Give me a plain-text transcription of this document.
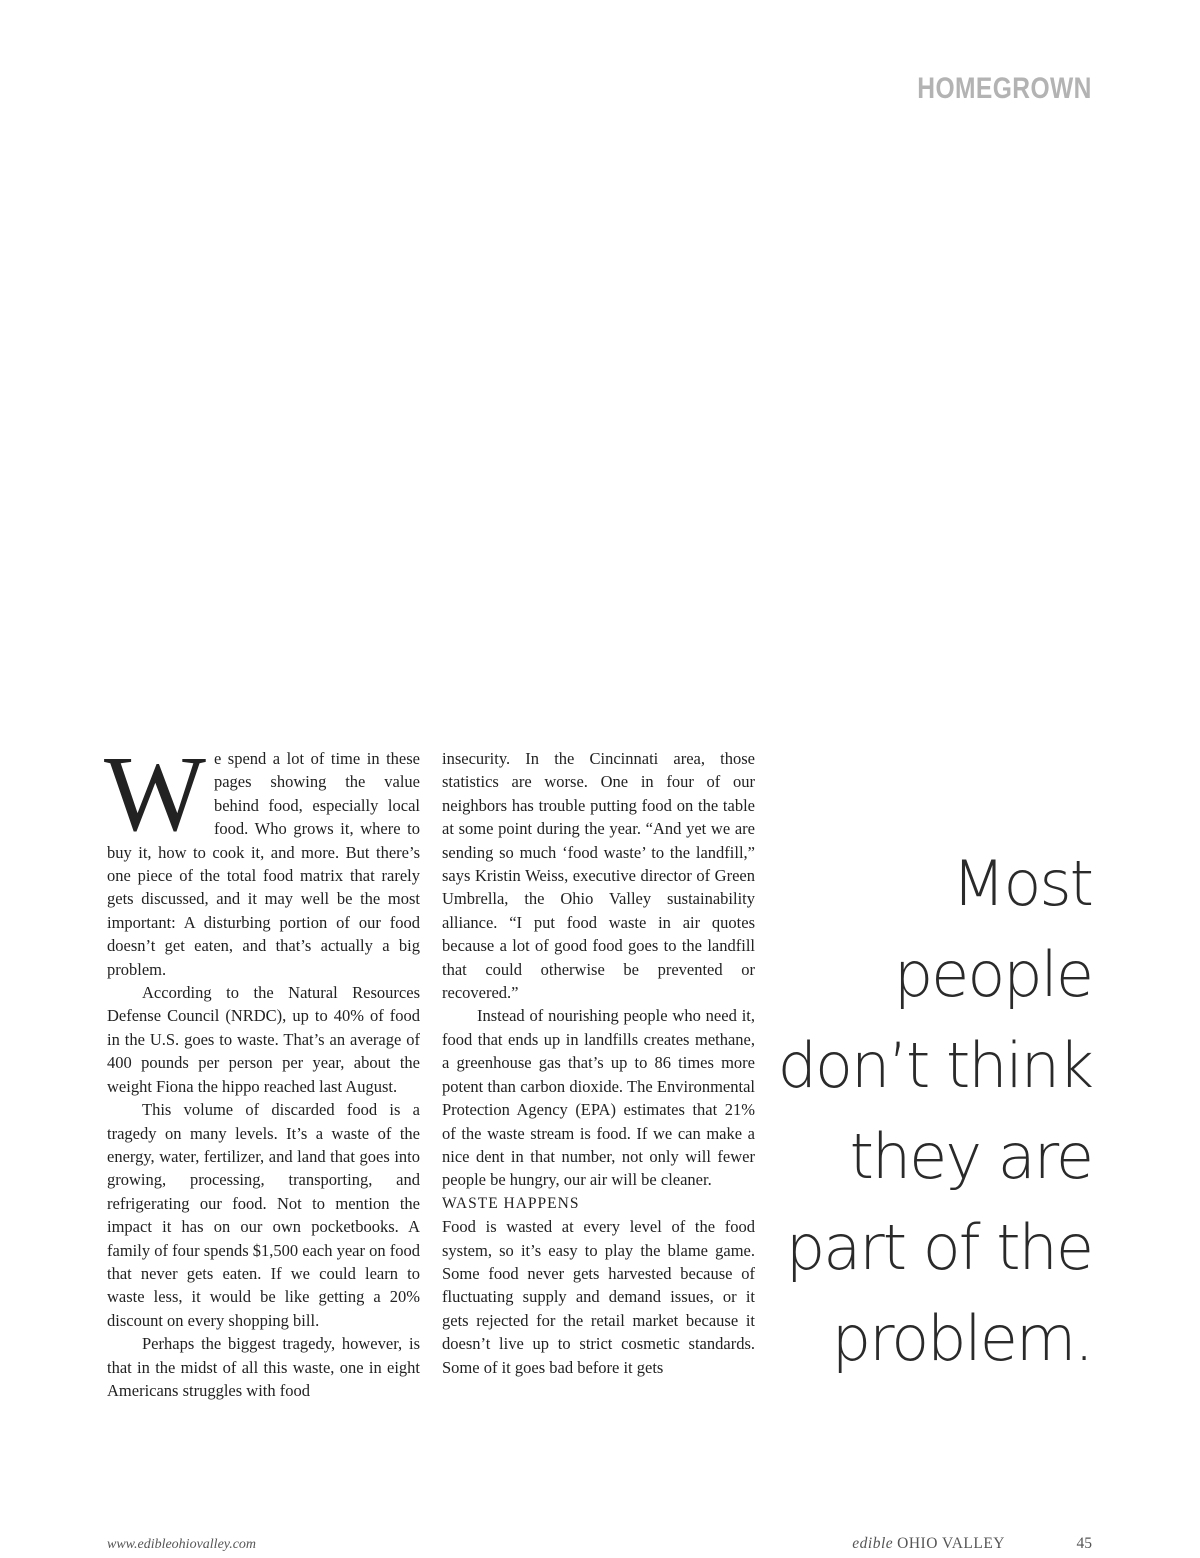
HOMEGROWN

We spend a lot of time in these pages showing the value behind food, especially local food. Who grows it, where to buy it, how to cook it, and more. But there’s one piece of the total food matrix that rarely gets discussed, and it may well be the most important: A disturbing portion of our food doesn’t get eaten, and that’s actually a big problem.

According to the Natural Resources Defense Council (NRDC), up to 40% of food in the U.S. goes to waste. That’s an average of 400 pounds per person per year, about the weight Fiona the hippo reached last August.

This volume of discarded food is a tragedy on many levels. It’s a waste of the energy, water, fertilizer, and land that goes into growing, processing, transporting, and refrigerating our food. Not to mention the impact it has on our own pocketbooks. A family of four spends $1,500 each year on food that never gets eaten. If we could learn to waste less, it would be like getting a 20% discount on every shopping bill.

Perhaps the biggest tragedy, however, is that in the midst of all this waste, one in eight Americans struggles with food

insecurity. In the Cincinnati area, those statistics are worse. One in four of our neighbors has trouble putting food on the table at some point during the year. “And yet we are sending so much ‘food waste’ to the landfill,” says Kristin Weiss, executive director of Green Umbrella, the Ohio Valley sustainability alliance. “I put food waste in air quotes because a lot of good food goes to the landfill that could otherwise be prevented or recovered.”

Instead of nourishing people who need it, food that ends up in landfills creates methane, a greenhouse gas that’s up to 86 times more potent than carbon dioxide. The Environmental Protection Agency (EPA) estimates that 21% of the waste stream is food. If we can make a nice dent in that number, not only will fewer people be hungry, our air will be cleaner.

WASTE HAPPENS

Food is wasted at every level of the food system, so it’s easy to play the blame game. Some food never gets harvested because of fluctuating supply and demand issues, or it gets rejected for the retail market because it doesn’t live up to strict cosmetic standards. Some of it goes bad before it gets

Most
people
don’t think
they are
part of the
problem.
www.edibleohiovalley.com	edible OHIO VALLEY	45
